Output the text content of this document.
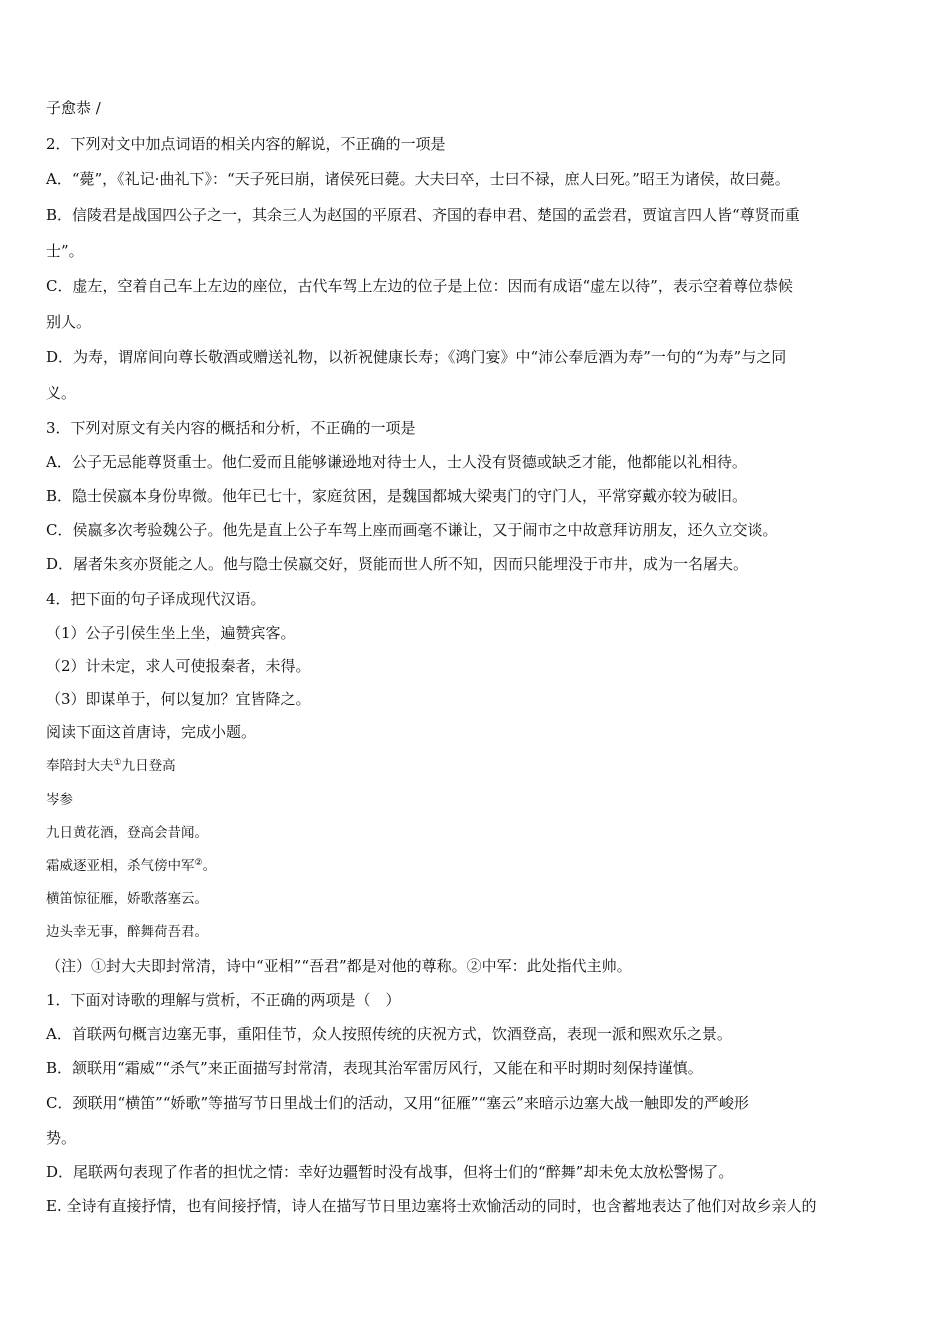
子愈恭 /
2．下列对文中加点词语的相关内容的解说，不正确的一项是
A．“薨”，《礼记·曲礼下》：“天子死曰崩，诸侯死曰薨。大夫曰卒，士曰不禄，庶人曰死。”昭王为诸侯，故曰薨。
B．信陵君是战国四公子之一，其余三人为赵国的平原君、齐国的春申君、楚国的孟尝君，贾谊言四人皆“尊贤而重
士”。
C．虚左，空着自己车上左边的座位，古代车驾上左边的位子是上位：因而有成语“虚左以待”，表示空着尊位恭候
别人。
D．为寿，谓席间向尊长敬酒或赠送礼物，以祈祝健康长寿；《鸿门宴》中“沛公奉卮酒为寿”一句的“为寿”与之同
义。
3．下列对原文有关内容的概括和分析，不正确的一项是
A．公子无忌能尊贤重士。他仁爱而且能够谦逊地对待士人，士人没有贤德或缺乏才能，他都能以礼相待。
B．隐士侯嬴本身份卑微。他年已七十，家庭贫困，是魏国都城大梁夷门的守门人，平常穿戴亦较为破旧。
C．侯嬴多次考验魏公子。他先是直上公子车驾上座而画毫不谦让，又于闹市之中故意拜访朋友，还久立交谈。
D．屠者朱亥亦贤能之人。他与隐士侯嬴交好，贤能而世人所不知，因而只能埋没于市井，成为一名屠夫。
4．把下面的句子译成现代汉语。
（1）公子引侯生坐上坐，遍赞宾客。
（2）计未定，求人可使报秦者，未得。
（3）即谋单于，何以复加？宜皆降之。
阅读下面这首唐诗，完成小题。
奉陪封大夫①九日登高
岑参
九日黄花酒，登高会昔闻。
霜威逐亚相，杀气傍中军②。
横笛惊征雁，娇歌落塞云。
边头幸无事，醉舞荷吾君。
（注）①封大夫即封常清，诗中“亚相”“吾君”都是对他的尊称。②中军：此处指代主帅。
1．下面对诗歌的理解与赏析，不正确的两项是（　）
A．首联两句概言边塞无事，重阳佳节，众人按照传统的庆祝方式，饮酒登高，表现一派和熙欢乐之景。
B．颔联用“霜威”“杀气”来正面描写封常清，表现其治军雷厉风行，又能在和平时期时刻保持谨慎。
C．颈联用“横笛”“娇歌”等描写节日里战士们的活动，又用“征雁”“塞云”来暗示边塞大战一触即发的严峻形
势。
D．尾联两句表现了作者的担忧之情：幸好边疆暂时没有战事，但将士们的“醉舞”却未免太放松警惕了。
E. 全诗有直接抒情，也有间接抒情，诗人在描写节日里边塞将士欢愉活动的同时，也含蓄地表达了他们对故乡亲人的
